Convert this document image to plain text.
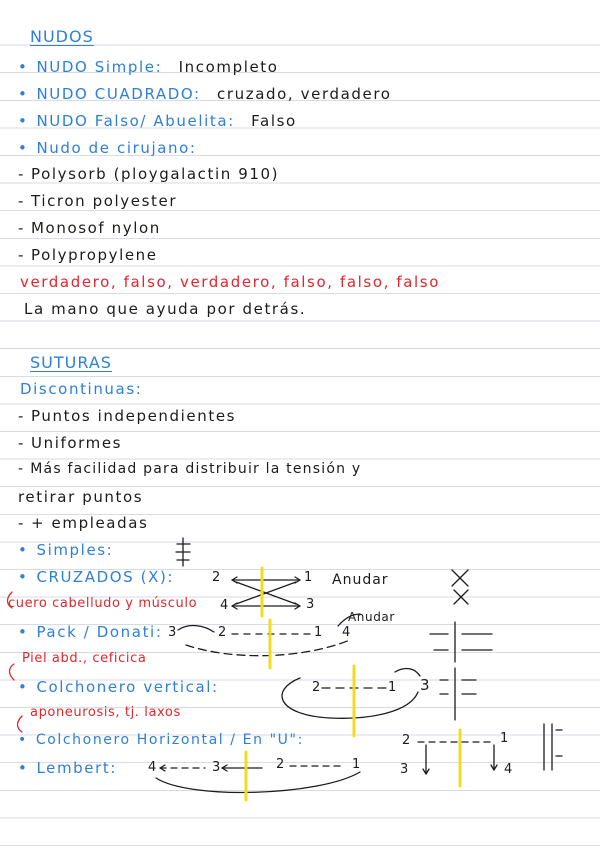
NUDOS
• NUDO Simple: Incompleto
• NUDO CUADRADO: cruzado, verdadero
• NUDO Falso/ Abuelita: Falso
• Nudo de cirujano:
- Polysorb (ploygalactin 910)
- Ticron polyester
- Monosof nylon
- Polypropylene
verdadero, falso, verdadero, falso, falso, falso
La mano que ayuda por detrás.
SUTURAS
Discontinuas:
- Puntos independientes
- Uniformes
- Más facilidad para distribuir la tensión y
retirar puntos
- + empleadas
• Simples:
• CRUZADOS (X):
cuero cabelludo y músculo
• Pack / Donati:
Piel abd., ceficica
• Colchonero vertical:
aponeurosis, tj. laxos
• Colchonero Horizontal / En "U":
• Lembert:
Anudar
2	1
4	3
Anudar
3	2	1 4
2	1 3
2	1
3	4
4	3	2	1
